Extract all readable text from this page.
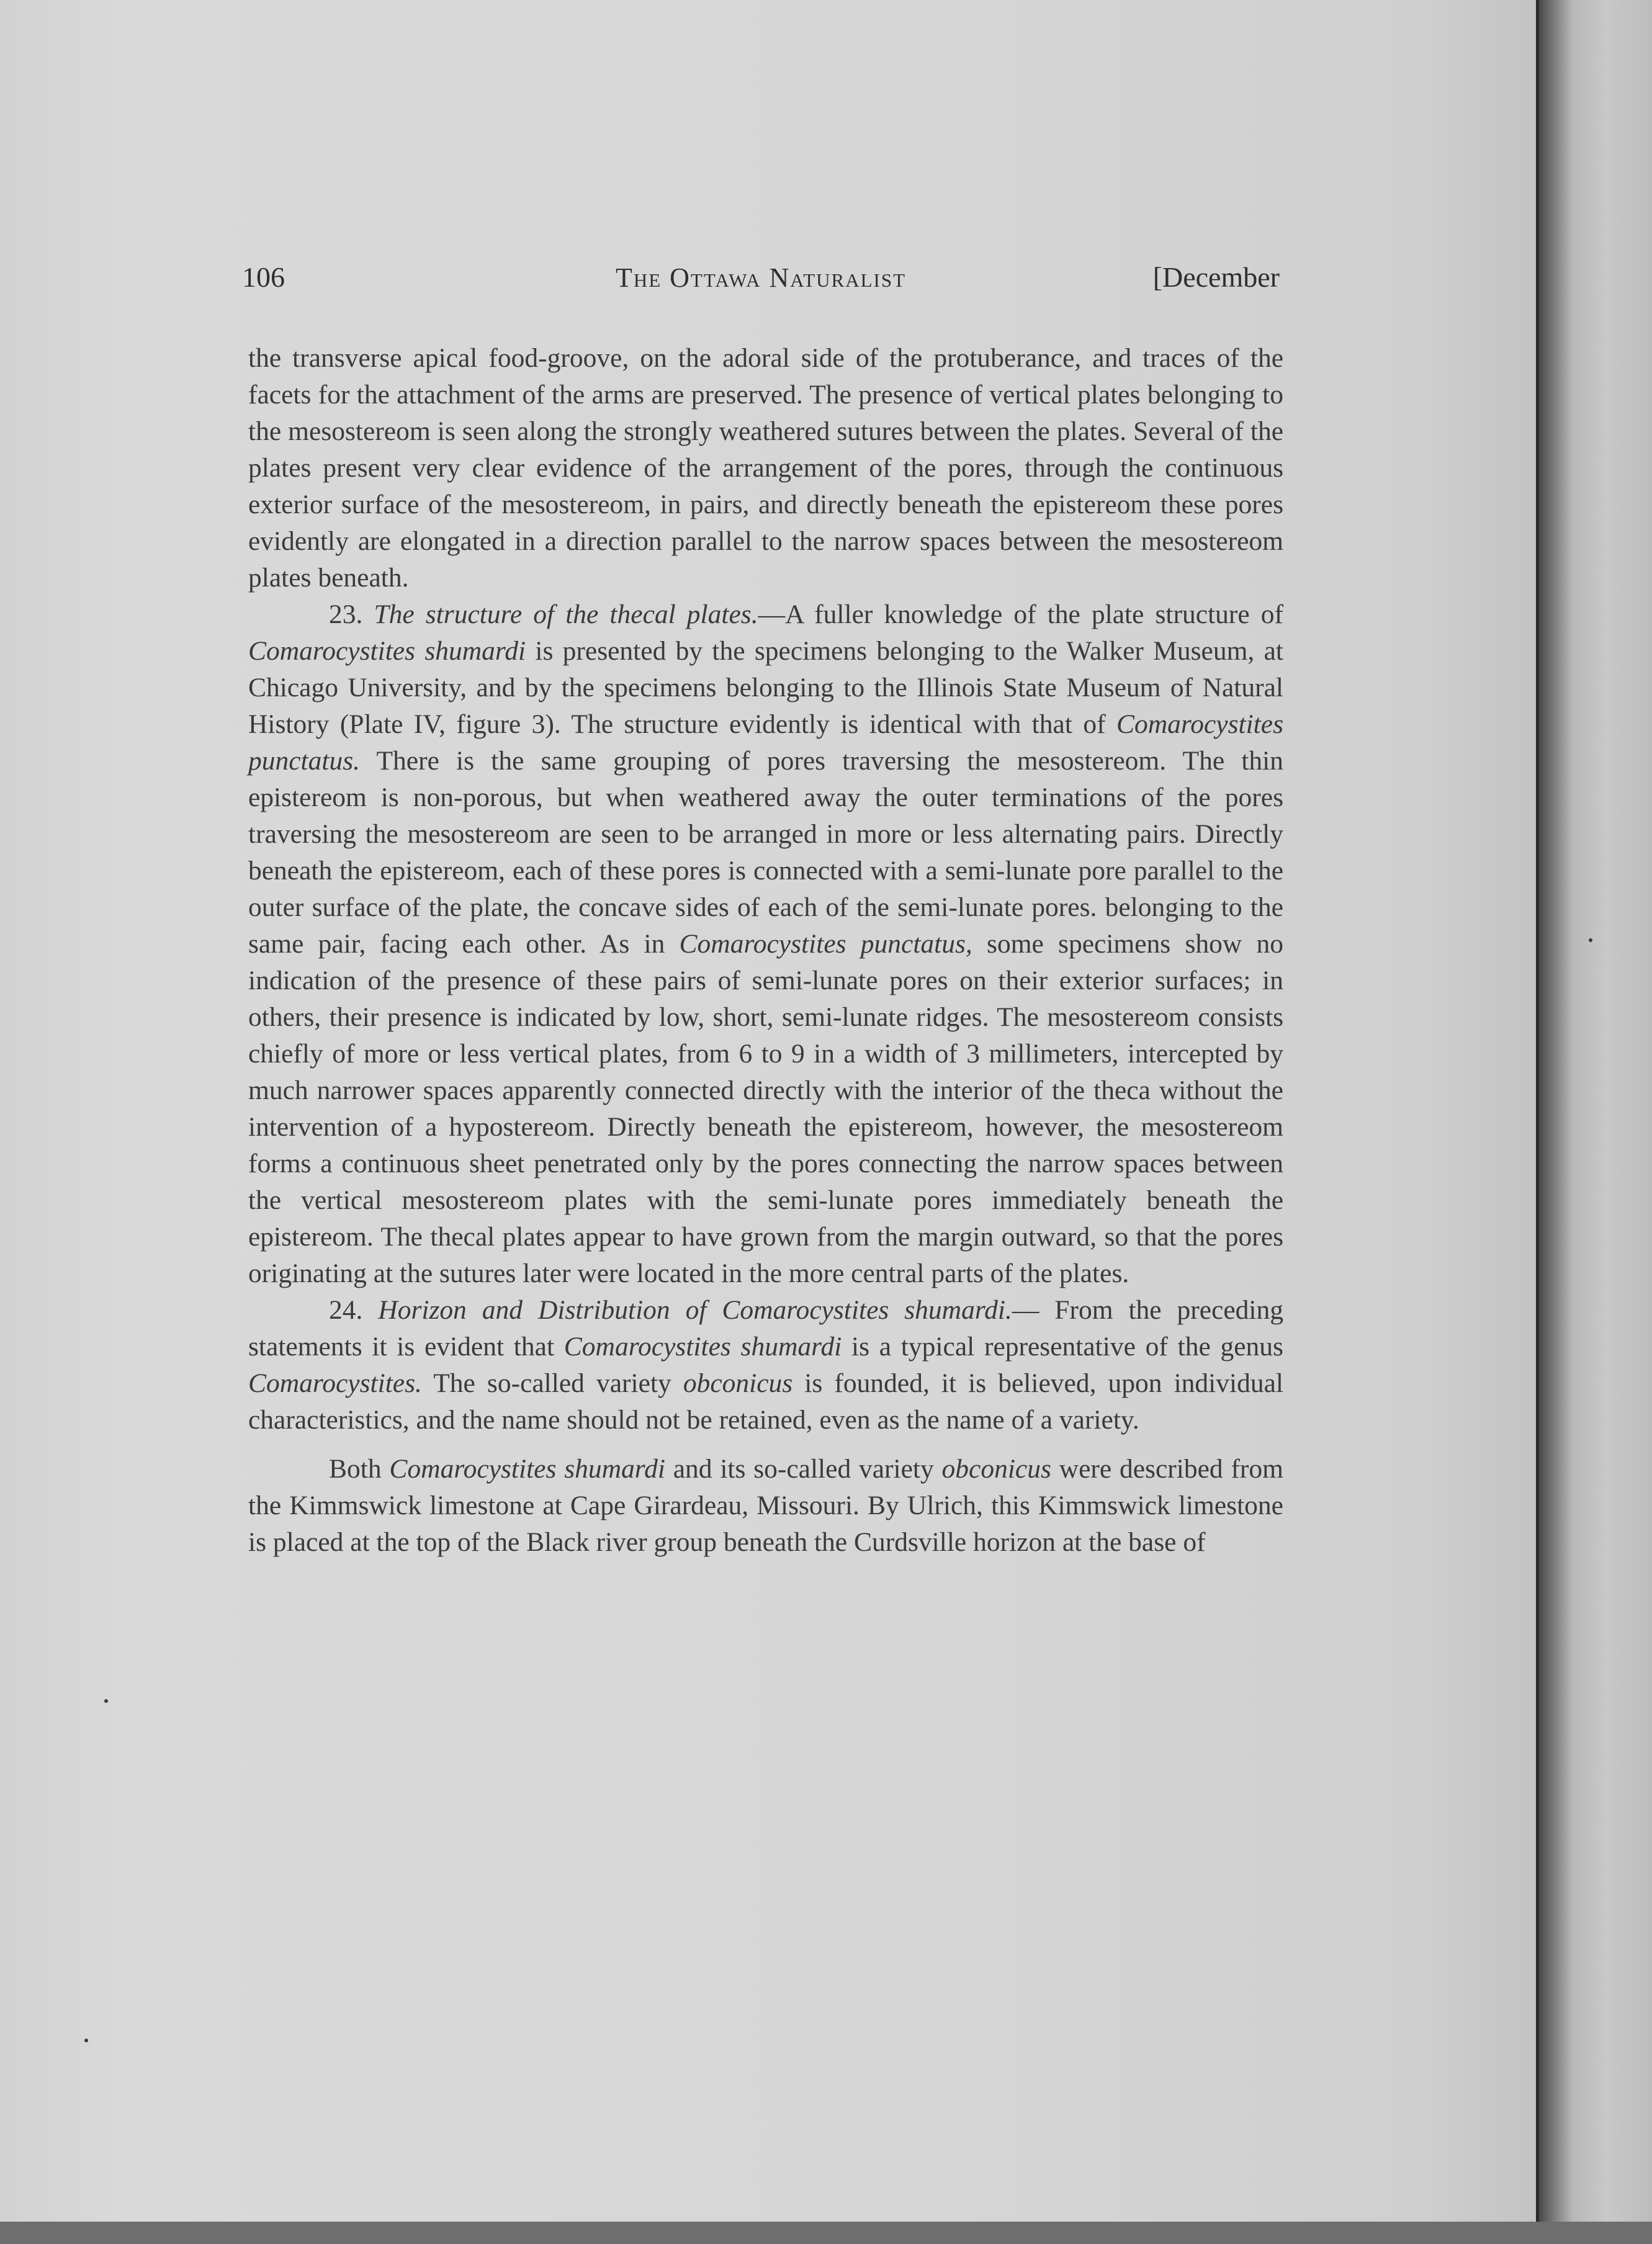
106	The Ottawa Naturalist	[December

the transverse apical food-groove, on the adoral side of the protuberance, and traces of the facets for the attachment of the arms are preserved. The presence of vertical plates belonging to the mesostereom is seen along the strongly weathered sutures between the plates. Several of the plates present very clear evidence of the arrangement of the pores, through the continuous exterior surface of the mesostereom, in pairs, and directly beneath the epistereom these pores evidently are elongated in a direction parallel to the narrow spaces between the mesostereom plates beneath.

23. The structure of the thecal plates.—A fuller knowledge of the plate structure of Comarocystites shumardi is presented by the specimens belonging to the Walker Museum, at Chicago University, and by the specimens belonging to the Illinois State Museum of Natural History (Plate IV, figure 3). The structure evidently is identical with that of Comarocystites punctatus. There is the same grouping of pores traversing the mesostereom. The thin epistereom is non-porous, but when weathered away the outer terminations of the pores traversing the mesostereom are seen to be arranged in more or less alternating pairs. Directly beneath the epistereom, each of these pores is connected with a semi-lunate pore parallel to the outer surface of the plate, the concave sides of each of the semi-lunate pores. belonging to the same pair, facing each other. As in Comarocystites punctatus, some specimens show no indication of the presence of these pairs of semi-lunate pores on their exterior surfaces; in others, their presence is indicated by low, short, semi-lunate ridges. The mesostereom consists chiefly of more or less vertical plates, from 6 to 9 in a width of 3 millimeters, intercepted by much narrower spaces apparently connected directly with the interior of the theca without the intervention of a hypostereom. Directly beneath the epistereom, however, the mesostereom forms a continuous sheet penetrated only by the pores connecting the narrow spaces between the vertical mesostereom plates with the semi-lunate pores immediately beneath the epistereom. The thecal plates appear to have grown from the margin outward, so that the pores originating at the sutures later were located in the more central parts of the plates.

24. Horizon and Distribution of Comarocystites shumardi.— From the preceding statements it is evident that Comarocystites shumardi is a typical representative of the genus Comarocystites. The so-called variety obconicus is founded, it is believed, upon individual characteristics, and the name should not be retained, even as the name of a variety.

Both Comarocystites shumardi and its so-called variety obconicus were described from the Kimmswick limestone at Cape Girardeau, Missouri. By Ulrich, this Kimmswick limestone is placed at the top of the Black river group beneath the Curdsville horizon at the base of
